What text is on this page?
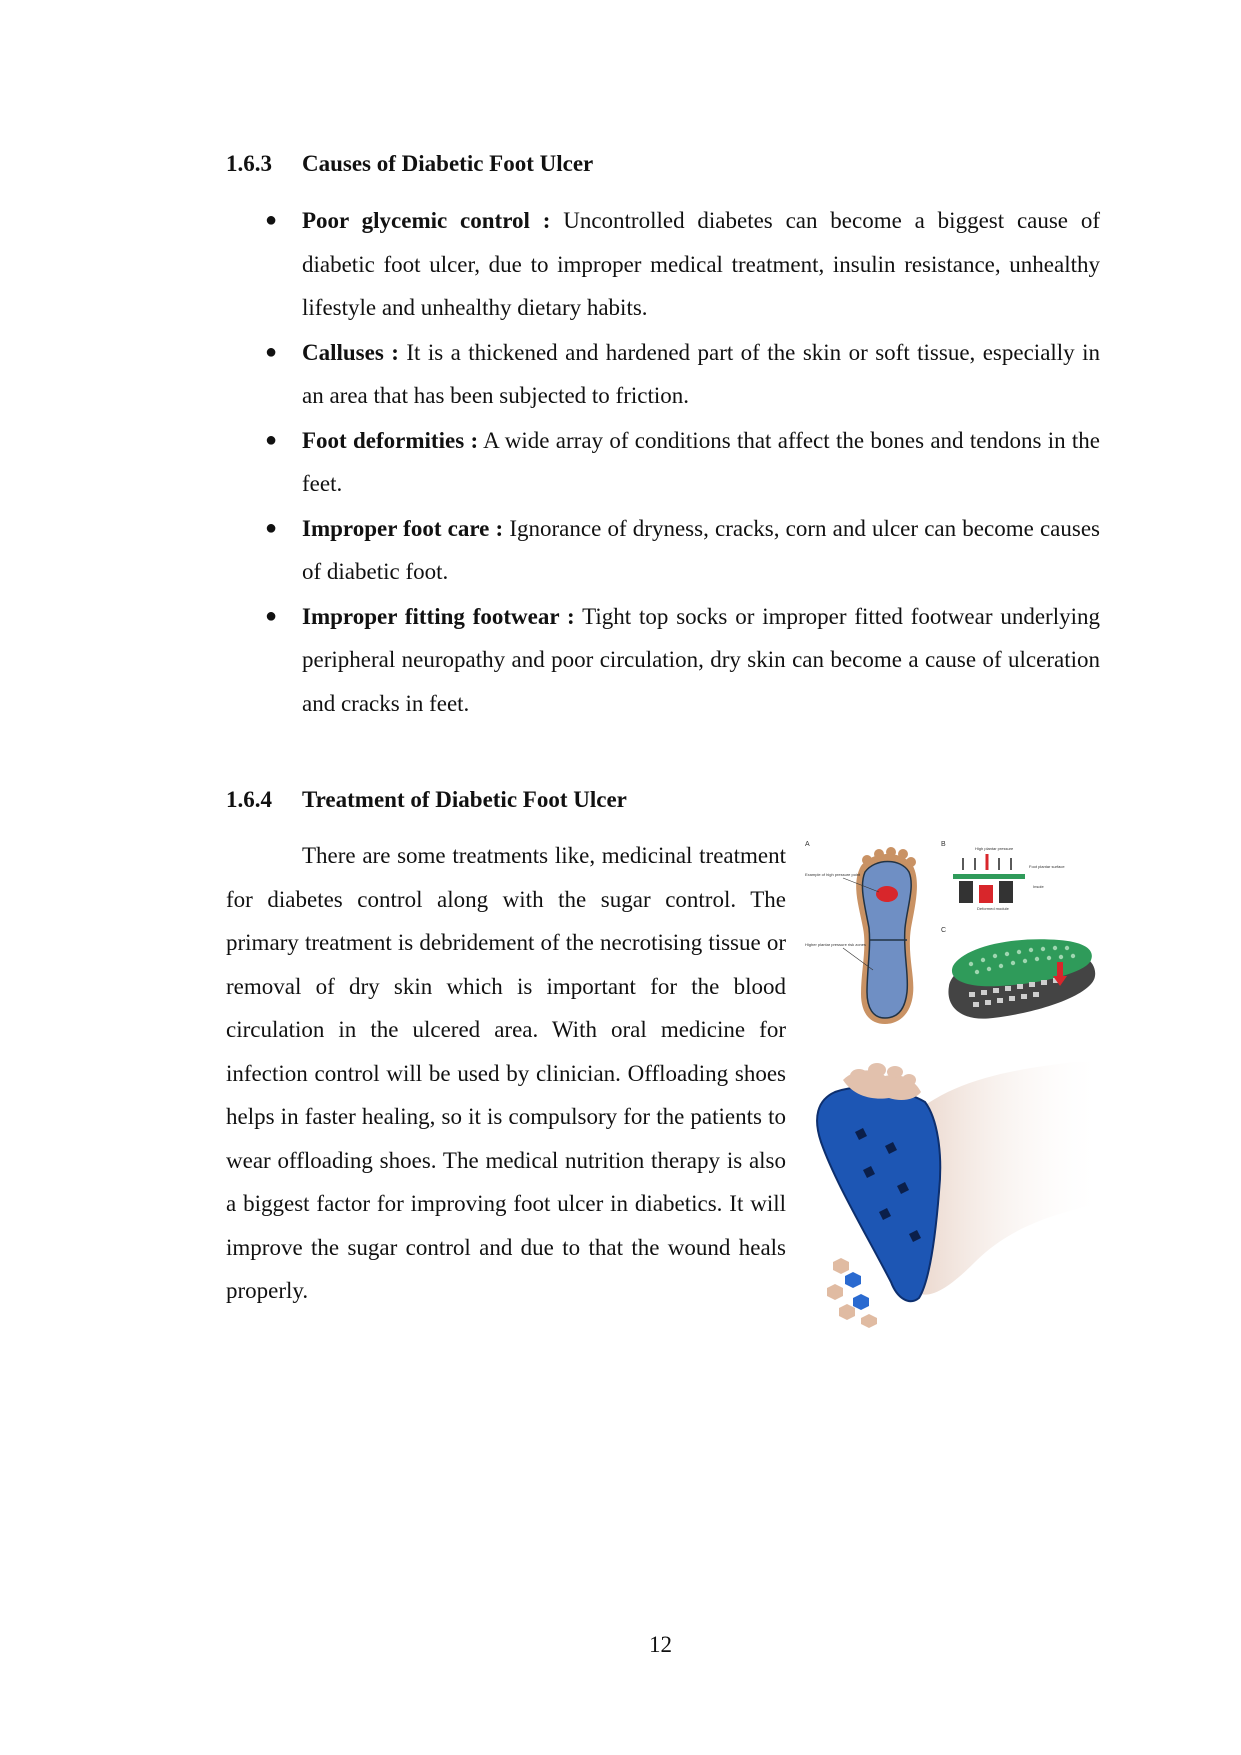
1.6.3	Causes of Diabetic Foot Ulcer
● Poor glycemic control : Uncontrolled diabetes can become a biggest cause of diabetic foot ulcer, due to improper medical treatment, insulin resistance, unhealthy lifestyle and unhealthy dietary habits.
● Calluses : It is a thickened and hardened part of the skin or soft tissue, especially in an area that has been subjected to friction.
● Foot deformities : A wide array of conditions that affect the bones and tendons in the feet.
● Improper foot care : Ignorance of dryness, cracks, corn and ulcer can become causes of diabetic foot.
● Improper fitting footwear : Tight top socks or improper fitted footwear underlying peripheral neuropathy and poor circulation, dry skin can become a cause of ulceration and cracks in feet.
1.6.4	Treatment of Diabetic Foot Ulcer

There are some treatments like, medicinal treatment for diabetes control along with the sugar control. The primary treatment is debridement of the necrotising tissue or removal of dry skin which is important for the blood circulation in the ulcered area. With oral medicine for infection control will be used by clinician. Offloading shoes helps in faster healing, so it is compulsory for the patients to wear offloading shoes. The medical nutrition therapy is also a biggest factor for improving foot ulcer in diabetics. It will improve the sugar control and due to that the wound heals properly.

A	B
C
Example of high pressure point
Higher plantar pressure risk zones
High plantar pressure
Foot plantar surface
Insole
Deformed module
12
